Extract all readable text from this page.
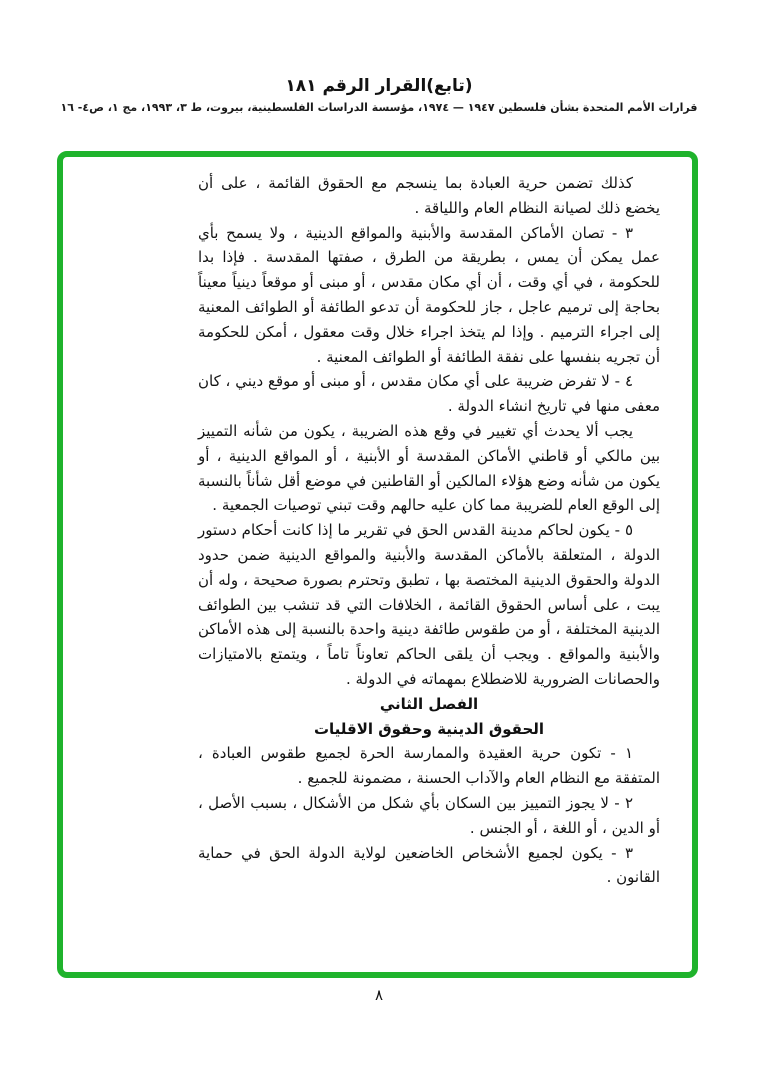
(تابع)القرار الرقم ١٨١
قرارات الأمم المتحدة بشأن فلسطين ١٩٤٧ — ١٩٧٤، مؤسسة الدراسات الفلسطينية، بيروت، ط ٣، ١٩٩٣، مج ١، ص٤- ١٦

كذلك تضمن حرية العبادة بما ينسجم مع الحقوق القائمة ، على أن يخضع ذلك لصيانة النظام العام واللياقة .

٣ - تصان الأماكن المقدسة والأبنية والمواقع الدينية ، ولا يسمح بأي عمل يمكن أن يمس ، بطريقة من الطرق ، صفتها المقدسة . فإذا بدا للحكومة ، في أي وقت ، أن أي مكان مقدس ، أو مبنى أو موقعاً دينياً معيناً بحاجة إلى ترميم عاجل ، جاز للحكومة أن تدعو الطائفة أو الطوائف المعنية إلى اجراء الترميم . وإذا لم يتخذ اجراء خلال وقت معقول ، أمكن للحكومة أن تجريه بنفسها على نفقة الطائفة أو الطوائف المعنية .

٤ - لا تفرض ضريبة على أي مكان مقدس ، أو مبنى أو موقع ديني ، كان معفى منها في تاريخ انشاء الدولة .

يجب ألا يحدث أي تغيير في وقع هذه الضريبة ، يكون من شأنه التمييز بين مالكي أو قاطني الأماكن المقدسة أو الأبنية ، أو المواقع الدينية ، أو يكون من شأنه وضع هؤلاء المالكين أو القاطنين في موضع أقل شأناً بالنسبة إلى الوقع العام للضريبة مما كان عليه حالهم وقت تبني توصيات الجمعية .

٥ - يكون لحاكم مدينة القدس الحق في تقرير ما إذا كانت أحكام دستور الدولة ، المتعلقة بالأماكن المقدسة والأبنية والمواقع الدينية ضمن حدود الدولة والحقوق الدينية المختصة بها ، تطبق وتحترم بصورة صحيحة ، وله أن يبت ، على أساس الحقوق القائمة ، الخلافات التي قد تنشب بين الطوائف الدينية المختلفة ، أو من طقوس طائفة دينية واحدة بالنسبة إلى هذه الأماكن والأبنية والمواقع . ويجب أن يلقى الحاكم تعاوناً تاماً ، ويتمتع بالامتيازات والحصانات الضرورية للاضطلاع بمهماته في الدولة .

الفصل الثاني
الحقوق الدينية وحقوق الاقليات

١ - تكون حرية العقيدة والممارسة الحرة لجميع طقوس العبادة ، المتفقة مع النظام العام والآداب الحسنة ، مضمونة للجميع .

٢ - لا يجوز التمييز بين السكان بأي شكل من الأشكال ، بسبب الأصل ، أو الدين ، أو اللغة ، أو الجنس .

٣ - يكون لجميع الأشخاص الخاضعين لولاية الدولة الحق في حماية القانون .

٨
